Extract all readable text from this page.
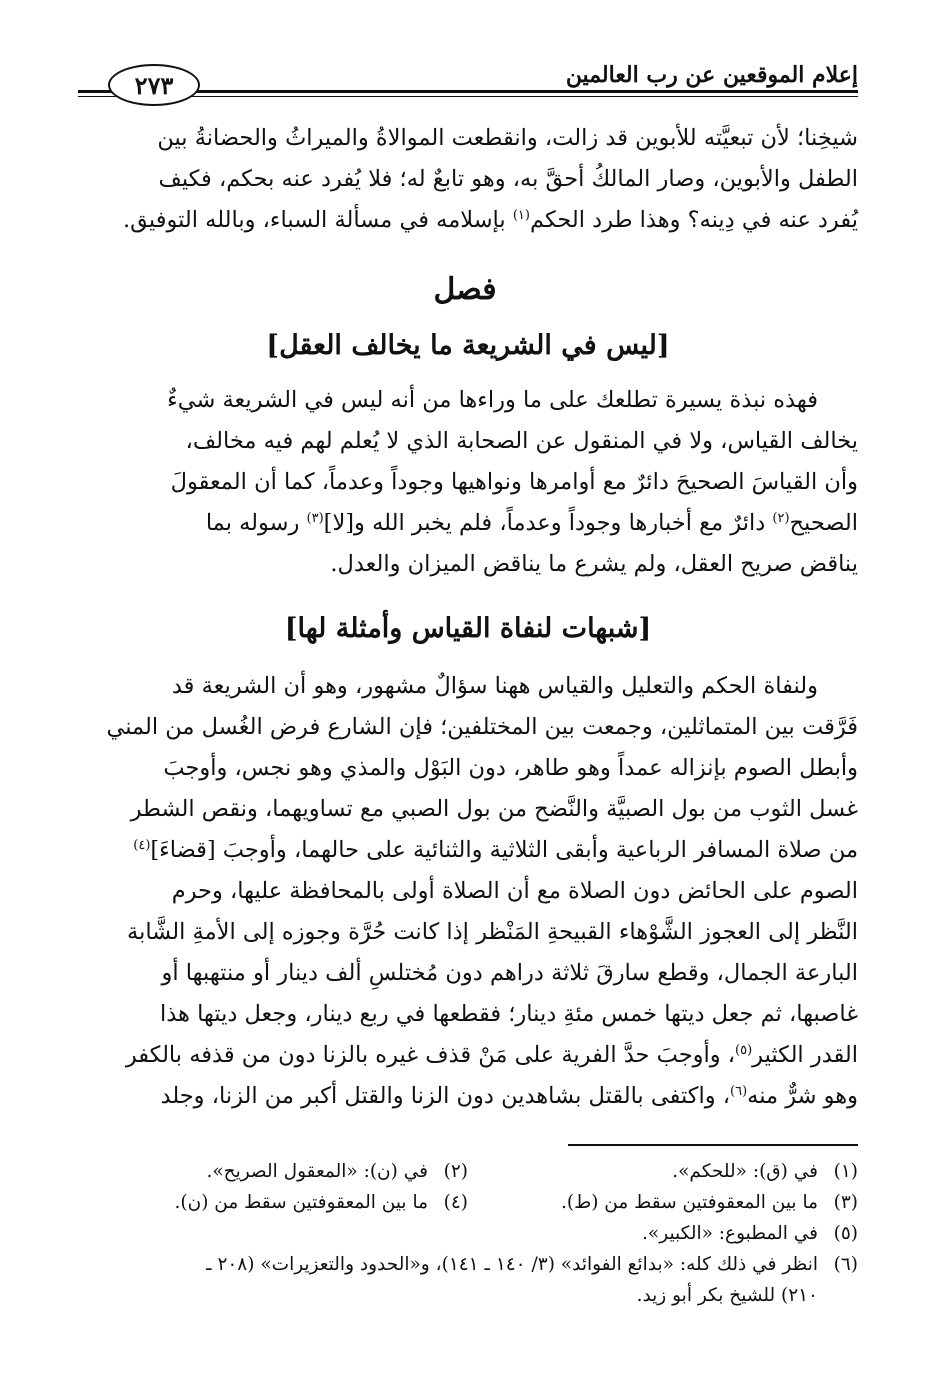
إعلام الموقعين عن رب العالمين
٢٧٣

شيخِنا؛ لأن تبعيَّته للأبوين قد زالت، وانقطعت الموالاةُ والميراثُ والحضانةُ بين

الطفل والأبوين، وصار المالكُ أحقَّ به، وهو تابعٌ له؛ فلا يُفرد عنه بحكم، فكيف

يُفرد عنه في دِينه؟ وهذا طرد الحكم$^{(١)}$ بإسلامه في مسألة السباء، وبالله التوفيق.

فصل
[ليس في الشريعة ما يخالف العقل]

فهذه نبذة يسيرة تطلعك على ما وراءها من أنه ليس في الشريعة شيءٌ

يخالف القياس، ولا في المنقول عن الصحابة الذي لا يُعلم لهم فيه مخالف،

وأن القياسَ الصحيحَ دائرٌ مع أوامرها ونواهيها وجوداً وعدماً، كما أن المعقولَ

الصحيح$^{(٢)}$ دائرٌ مع أخبارها وجوداً وعدماً، فلم يخبر الله و[لا]$^{(٣)}$ رسوله بما

يناقض صريح العقل، ولم يشرع ما يناقض الميزان والعدل.

[شبهات لنفاة القياس وأمثلة لها]

ولنفاة الحكم والتعليل والقياس ههنا سؤالٌ مشهور، وهو أن الشريعة قد

فَرَّقت بين المتماثلين، وجمعت بين المختلفين؛ فإن الشارع فرض الغُسل من المني

وأبطل الصوم بإنزاله عمداً وهو طاهر، دون البَوْل والمذي وهو نجس، وأوجبَ

غسل الثوب من بول الصبيَّة والنَّضح من بول الصبي مع تساويهما، ونقص الشطر

من صلاة المسافر الرباعية وأبقى الثلاثية والثنائية على حالهما، وأوجبَ [قضاءَ]$^{(٤)}$

الصوم على الحائض دون الصلاة مع أن الصلاة أولى بالمحافظة عليها، وحرم

النَّظر إلى العجوز الشَّوْهاء القبيحةِ المَنْظر إذا كانت حُرَّة وجوزه إلى الأمةِ الشَّابة

البارعة الجمال، وقطع سارقَ ثلاثة دراهم دون مُختلسِ ألف دينار أو منتهبها أو

غاصبها، ثم جعل ديتها خمس مئةِ دينار؛ فقطعها في ربع دينار، وجعل ديتها هذا

القدر الكثير$^{(٥)}$، وأوجبَ حدَّ الفرية على مَنْ قذف غيره بالزنا دون من قذفه بالكفر

وهو شرٌّ منه$^{(٦)}$، واكتفى بالقتل بشاهدين دون الزنا والقتل أكبر من الزنا، وجلد

(١)
في (ق): «للحكم».
(٢)
في (ن): «المعقول الصريح».
(٣)
ما بين المعقوفتين سقط من (ط).
(٤)
ما بين المعقوفتين سقط من (ن).
(٥)
في المطبوع: «الكبير».
(٦)
انظر في ذلك كله: «بدائع الفوائد» (٣/ ١٤٠ ـ ١٤١)، و«الحدود والتعزيرات» (٢٠٨ ـ
٢١٠) للشيخ بكر أبو زيد.
